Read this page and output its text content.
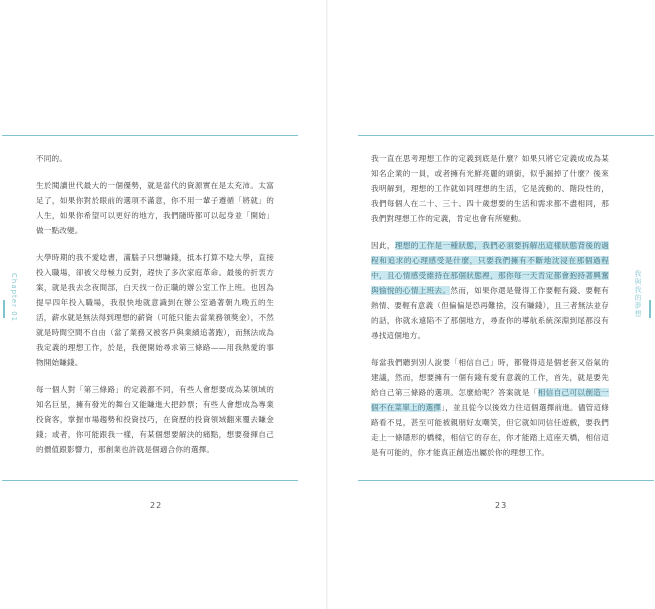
Chapter 01

不同的。

生於閱讀世代最大的一個優勢，就是當代的資源實在是太充沛。太富足了，如果你對於眼前的選項不滿意，你不用一輩子遵循「將就」的人生，如果你希望可以更好的地方，我們隨時都可以起身並「開始」做一點改變。

大學時期的我不愛唸書，滿腦子只想賺錢，抵本打算不唸大學，直接投入職場，卻被父母極力反對，趕快了多次家庭革命。最後的折衷方案，就是我去念夜間部，白天找一份正職的辦公室工作上班。也因為提早四年投入職場，我很快地就意識到在辦公室過著朝九晚五的生活，薪水就是無法得到理想的薪資（可能只能去當業務領獎金），不然就是時間空間不自由（當了業務又被客戶與業績追著跑），而無法成為我定義的理想工作，於是，我便開始尋求第三條路——用我熱愛的事物開始賺錢。

每一個人對「第三條路」的定義都不同，有些人會想要成為某領域的知名巨星，擁有發光的舞台又能賺進大把鈔票；有些人會想成為專業投資客，掌握市場趨勢和投資技巧，在資歷的投資領域翻來覆去賺金錢；或者，你可能跟我一樣，有某個想要解決的痛點，想要發揮自己的價值跟影響力，那創業也許就是個適合你的選擇。

22
我與我的夢想

我一直在思考理想工作的定義到底是什麼？如果只將它定義成成為某知名企業的一員，或者擁有光鮮亮麗的頭銜，似乎漏掉了什麼？後來我明解到，理想的工作就如同理想的生活，它是流動的、階段性的，我們每個人在二十、三十、四十歲想要的生活和需求都不盡相同，那我們對理想工作的定義，肯定也會有所變動。

因此，理想的工作是一種狀態，我們必須要拆解出這樣狀態背後的過程和追求的心理感受是什麼，只要我們擁有不斷地沈浸在那個過程中，且心情感受維持在那個狀態裡，那你每一天肯定都會抱持著興奮與愉悅的心情上班去。然而，如果你還是覺得工作要輕有錢、要輕有熱情、要輕有意義（但偏偏是恐再難捨，沒有賺錢），且三者無法並存的話，你就永遠陷不了那個地方，尋查你的導航系統深淵到尾都沒有尋找這個地方。

每當我們聽到別人說要「相信自己」時，都覺得這是個老套又俗氣的建議，然而，想要擁有一個有錢有愛有意義的工作，首先，就是要先給自己第三條路的選項。怎麼給呢？答案就是「相信自己可以創造一個不在菜單上的選擇」，並且從今以後效力往這個選擇前進。儘管這條路看不見，甚至可能被親朋好友嘲笑，但它就如同信任遊戲，要我們走上一條隱形的橋樑，相信它的存在，你才能踏上這座天橋，相信這是有可能的，你才能真正創造出屬於你的理想工作。

23
